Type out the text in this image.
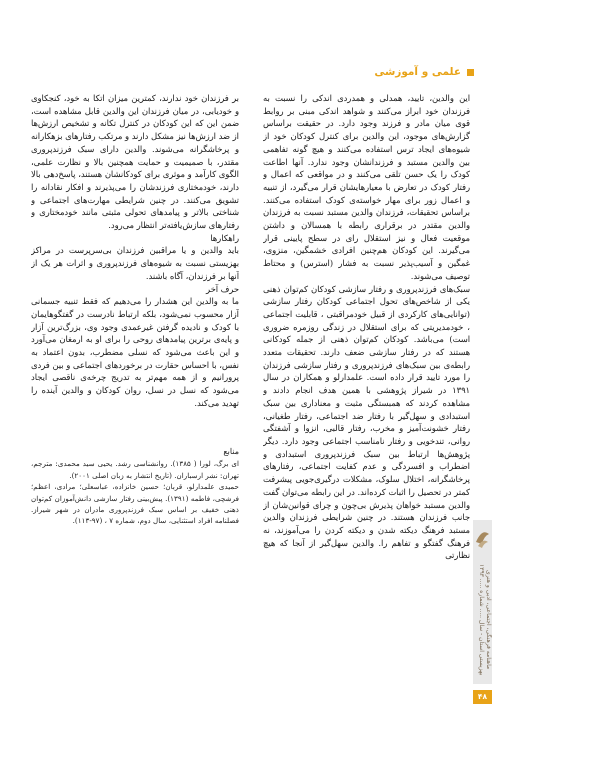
علمی و آموزشی

این والدین، تایید، همدلی و همدردی اندکی را نسبت به فرزندان خود ابراز می‌کنند و شواهد اندکی مبنی بر روابط قوی میان مادر و فرزند وجود دارد. در حقیقت براساس گزارش‌های موجود، این والدین برای کنترل کودکان خود از شیوه‌های ایجاد ترس استفاده می‌کنند و هیچ گونه تفاهمی بین والدین مستبد و فرزندانشان وجود ندارد. آنها اطاعت کودک را یک حسن تلقی می‌کنند و در مواقعی که اعمال و رفتار کودک در تعارض با معیارهایشان قرار می‌گیرد، از تنبیه و اعمال زور برای مهار خواسته‌ی کودک استفاده می‌کنند. براساس تحقیقات، فرزندان والدین مستبد نسبت به فرزندان والدین مقتدر در برقراری رابطه با همسالان و داشتن موقعیت فعال و نیز استقلال رای در سطح پایینی قرار می‌گیرند. این کودکان هم‌چنین افرادی خشمگین، منزوی، غمگین و آسیب‌پذیر نسبت به فشار (استرس) و محتاط توصیف می‌شوند.

سبک‌های فرزندپروری و رفتار سازشی کودکان کم‌توان ذهنی یکی از شاخص‌های تحول اجتماعی کودکان رفتار سازشی (توانایی‌های کارکردی از قبیل خودمراقبتی ، قابلیت اجتماعی ، خودمدیریتی که برای استقلال در زندگی روزمره ضروری است) می‌باشد. کودکان کم‌توان ذهنی از جمله کودکانی هستند که در رفتار سازشی ضعف دارند. تحقیقات متعدد رابطه‌ی بین سبک‌های فرزندپروری و رفتار سازشی فرزندان را مورد تایید قرار داده است. علمدارلو و همکاران در سال ۱۳۹۱ در شیراز پژوهشی با همین هدف انجام دادند و مشاهده کردند که همبستگی مثبت و معناداری بین سبک استبدادی و سهل‌گیر با رفتار ضد اجتماعی، رفتار طغیانی، رفتار خشونت‌آمیز و مخرب، رفتار قالبی، انزوا و آشفتگی روانی، تندخویی و رفتار نامناسب اجتماعی وجود دارد. دیگر پژوهش‌ها ارتباط بین سبک فرزندپروری استبدادی و اضطراب و افسردگی و عدم کفایت اجتماعی، رفتارهای پرخاشگرانه، اختلال سلوک، مشکلات درگیری‌جویی پیشرفت کمتر در تحصیل را اثبات کرده‌اند. در این رابطه می‌توان گفت والدین مستبد خواهان پذیرش بی‌چون و چرای قوانین‌شان از جانب فرزندان هستند. در چنین شرایطی فرزندان والدین مستبد فرهنگ دیکته شدن و دیکته کردن را می‌آموزند، نه فرهنگ گفتگو و تفاهم را. والدین سهل‌گیر از آنجا که هیچ نظارتی

بر فرزندان خود ندارند، کمترین میزان اتکا به خود، کنجکاوی و خودیابی، در میان فرزندان این والدین قابل مشاهده است، ضمن این که این کودکان در کنترل تکانه و تشخیص ارزش‌ها از ضد ارزش‌ها نیز مشکل دارند و مرتکب رفتارهای بزهکارانه و پرخاشگرانه می‌شوند. والدین دارای سبک فرزندپروری مقتدر، با صمیمیت و حمایت همچنین بالا و نظارت علمی، الگوی کارآمد و موثری برای کودکانشان هستند، پاسخ‌دهی بالا دارند، خودمختاری فرزندشان را می‌پذیرند و افکار نقادانه را تشویق می‌کنند. در چنین شرایطی مهارت‌های اجتماعی و شناختی بالاتر و پیامدهای تحولی مثبتی مانند خودمختاری و رفتارهای سازش‌یافته‌تر انتظار می‌رود.

راهکارها

باید والدین و یا مراقبین فرزندان بی‌سرپرست در مراکز بهزیستی نسبت به شیوه‌های فرزندپروری و اثرات هر یک از آنها بر فرزندان، آگاه باشند.

حرف آخر

ما به والدین این هشدار را می‌دهیم که فقط تنبیه جسمانی آزار محسوب نمی‌شود، بلکه ارتباط نادرست در گفتگوهایمان با کودک و نادیده گرفتن غیرعمدی وجود وی، بزرگ‌ترین آزار و پایه‌ی برترین پیامدهای روحی را برای او به ارمغان می‌آورد و این باعث می‌شود که نسلی مضطرب، بدون اعتماد به نفس، با احساس حقارت در برخوردهای اجتماعی و بین فردی پرورانیم و از همه مهم‌تر به تدریج چرخه‌ی ناقصی ایجاد می‌شود که نسل در نسل، روان کودکان و والدین آینده را تهدید می‌کند.

منابع

ای برگ، لورا ( ۱۳۸۵). روانشناسی رشد. یحیی سید محمدی: مترجم، تهران: نشر ارسباران. (تاریخ انتشار به زبان اصلی ۲۰۰۱).

حمیدی علمدارلو، قربان؛ حسین خانزاده، عباسعلی؛ مرادی، اعظم؛ فرشچی، فاطمه (۱۳۹۱). پیش‌بینی رفتار سازشی دانش‌آموزان کم‌توان ذهنی خفیف بر اساس سبک فرزندپروری مادران در شهر شیراز. فصلنامه افراد استثنایی، سال دوم، شماره ۷ ، (۹۷-۱۱۳).

ماهنامه فرهنگی، اجتماعی، ادبی و هنری بهزیستی استان - سال ..... شماره ..... ۱۳۹۳
۴۸
